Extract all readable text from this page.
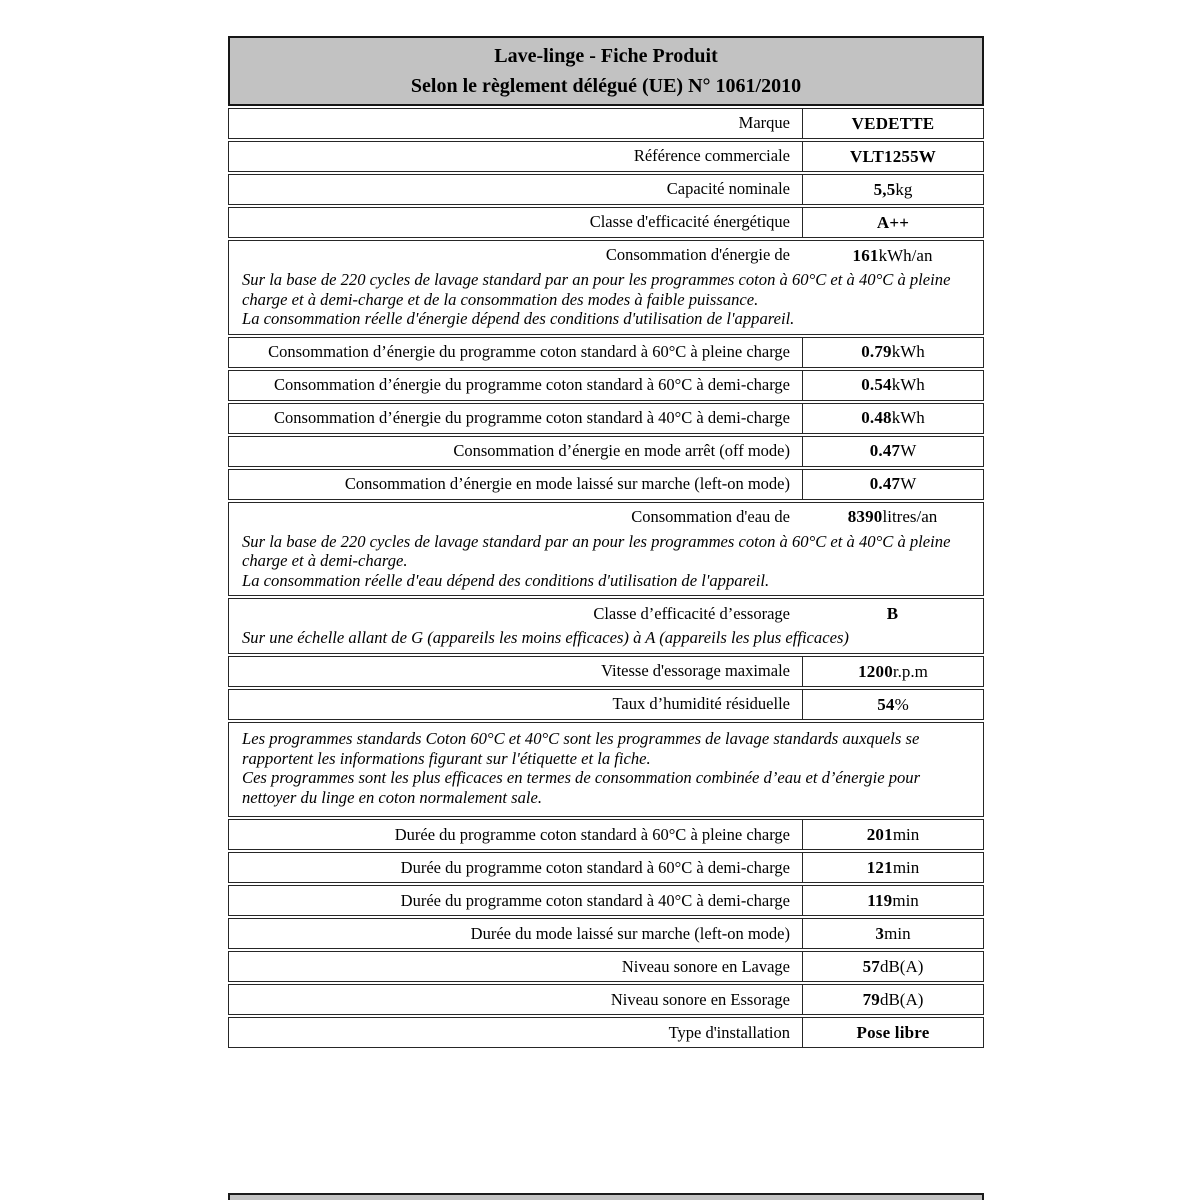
Lave-linge - Fiche Produit
Selon le règlement délégué (UE) N° 1061/2010
Marque	VEDETTE
Référence commerciale	VLT1255W
Capacité nominale	5,5 kg
Classe d'efficacité énergétique	A++
Consommation d'énergie de	161 kWh/an

Sur la base de 220 cycles de lavage standard par an pour les programmes coton à 60°C et à 40°C à pleine charge et à demi-charge et de la consommation des modes à faible puissance.

La consommation réelle d'énergie dépend des conditions d'utilisation de l'appareil.

Consommation d’énergie du programme coton standard à 60°C à pleine charge	0.79 kWh
Consommation d’énergie du programme coton standard à 60°C à demi-charge	0.54 kWh
Consommation d’énergie du programme coton standard à 40°C à demi-charge	0.48 kWh
Consommation d’énergie en mode arrêt (off mode)	0.47 W
Consommation d’énergie en mode laissé sur marche (left-on mode)	0.47 W
Consommation d'eau de	8390 litres/an

Sur la base de 220 cycles de lavage standard par an pour les programmes coton à 60°C et à 40°C à pleine charge et à demi-charge.

La consommation réelle d'eau dépend des conditions d'utilisation de l'appareil.

Classe d’efficacité d’essorage	B

Sur une échelle allant de G (appareils les moins efficaces) à A (appareils les plus efficaces)

Vitesse d'essorage maximale	1200 r.p.m
Taux d’humidité résiduelle	54 %

Les programmes standards Coton 60°C et 40°C sont les programmes de lavage standards auxquels se rapportent les informations figurant sur l'étiquette et la fiche.

Ces programmes sont les plus efficaces en termes de consommation combinée d’eau et d’énergie pour nettoyer du linge en coton normalement sale.

Durée du programme coton standard à 60°C à pleine charge	201 min
Durée du programme coton standard à 60°C à demi-charge	121 min
Durée du programme coton standard à 40°C à demi-charge	119 min
Durée du mode laissé sur marche (left-on mode)	3 min
Niveau sonore en Lavage	57 dB(A)
Niveau sonore en Essorage	79 dB(A)
Type d'installation	Pose libre
